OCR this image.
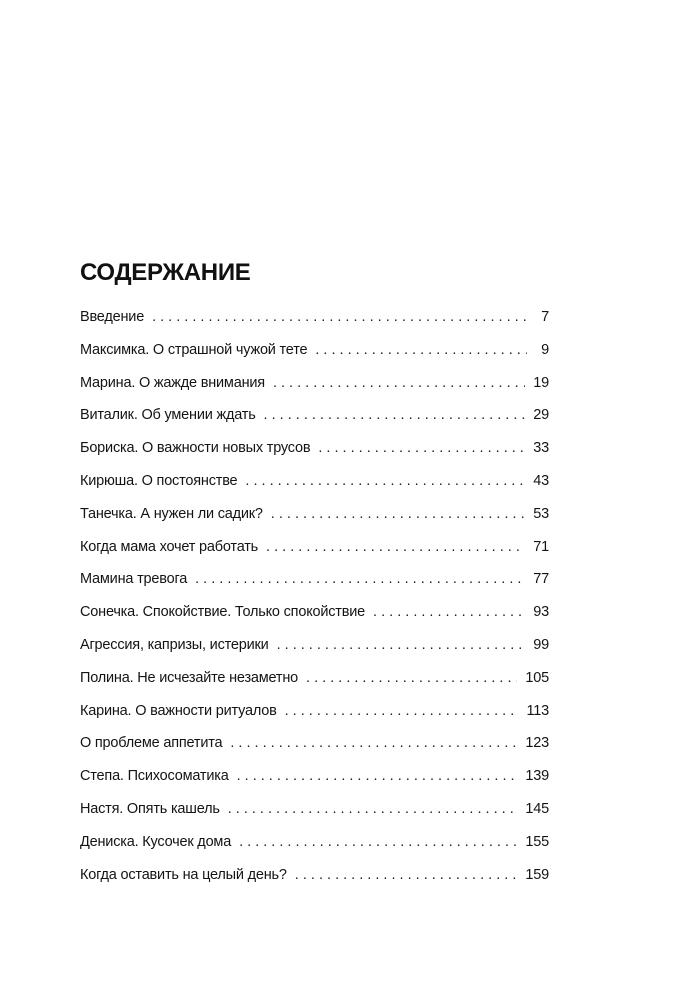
СОДЕРЖАНИЕ
Введение . . .	7
Максимка. О страшной чужой тете . . .	9
Марина. О жажде внимания . . .	19
Виталик. Об умении ждать . . .	29
Бориска. О важности новых трусов . . .	33
Кирюша. О постоянстве . . .	43
Танечка. А нужен ли садик? . . .	53
Когда мама хочет работать . . .	71
Мамина тревога . . .	77
Сонечка. Спокойствие. Только спокойствие . . .	93
Агрессия, капризы, истерики . . .	99
Полина. Не исчезайте незаметно . . .	105
Карина. О важности ритуалов . . .	113
О проблеме аппетита . . .	123
Степа. Психосоматика . . .	139
Настя. Опять кашель . . .	145
Дениска. Кусочек дома . . .	155
Когда оставить на целый день? . . .	159
